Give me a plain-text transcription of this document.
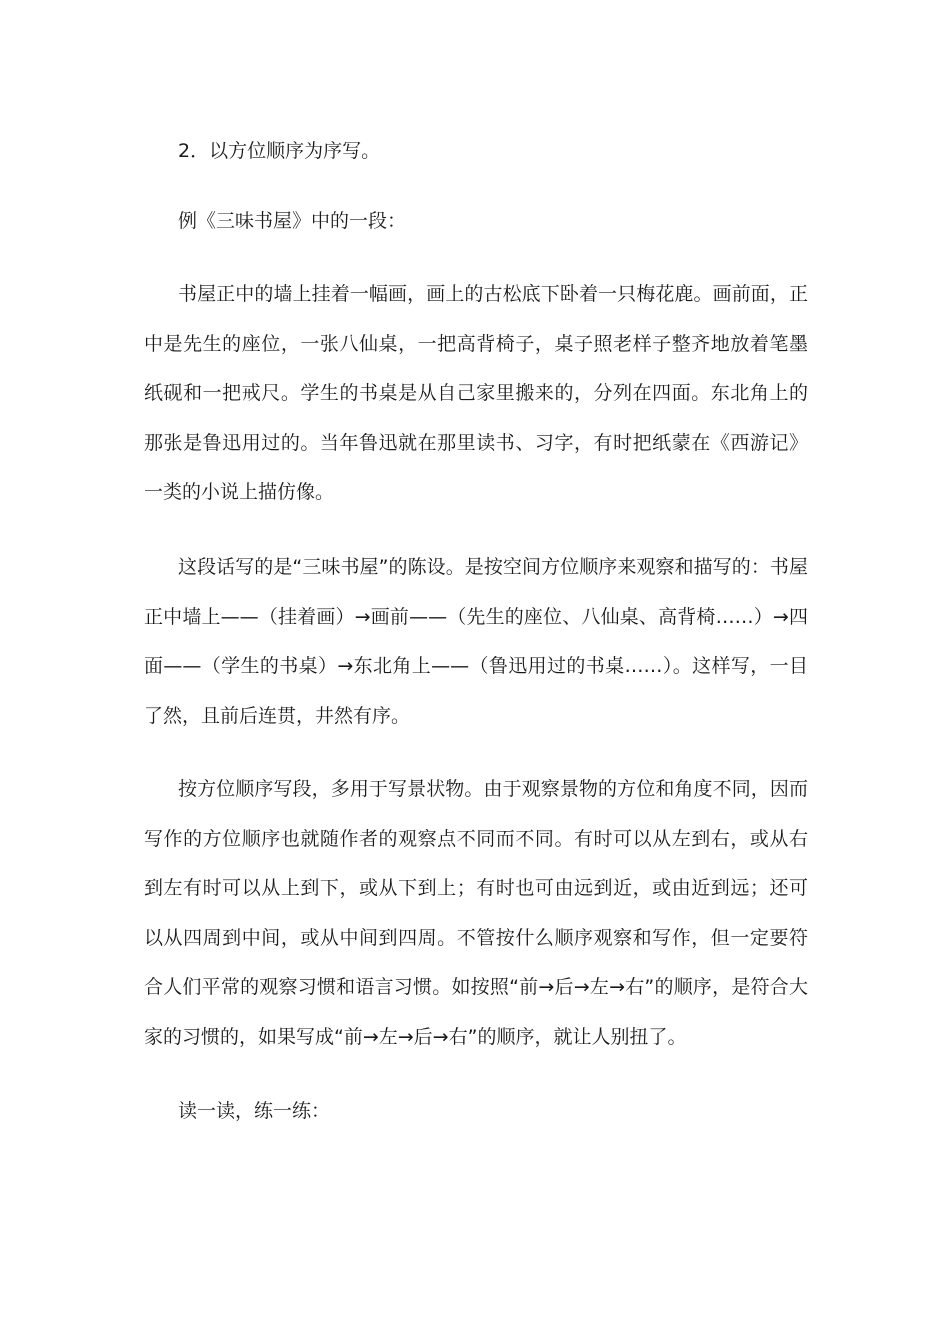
2．以方位顺序为序写。

例《三味书屋》中的一段：

书屋正中的墙上挂着一幅画，画上的古松底下卧着一只梅花鹿。画前面，正中是先生的座位，一张八仙桌，一把高背椅子，桌子照老样子整齐地放着笔墨纸砚和一把戒尺。学生的书桌是从自己家里搬来的，分列在四面。东北角上的那张是鲁迅用过的。当年鲁迅就在那里读书、习字，有时把纸蒙在《西游记》一类的小说上描仿像。

这段话写的是“三味书屋”的陈设。是按空间方位顺序来观察和描写的：书屋正中墙上——（挂着画）→画前——（先生的座位、八仙桌、高背椅……）→四面——（学生的书桌）→东北角上——（鲁迅用过的书桌……）。这样写，一目了然，且前后连贯，井然有序。

按方位顺序写段，多用于写景状物。由于观察景物的方位和角度不同，因而写作的方位顺序也就随作者的观察点不同而不同。有时可以从左到右，或从右到左有时可以从上到下，或从下到上；有时也可由远到近，或由近到远；还可以从四周到中间，或从中间到四周。不管按什么顺序观察和写作，但一定要符合人们平常的观察习惯和语言习惯。如按照“前→后→左→右”的顺序，是符合大家的习惯的，如果写成“前→左→后→右”的顺序，就让人别扭了。

读一读，练一练：
